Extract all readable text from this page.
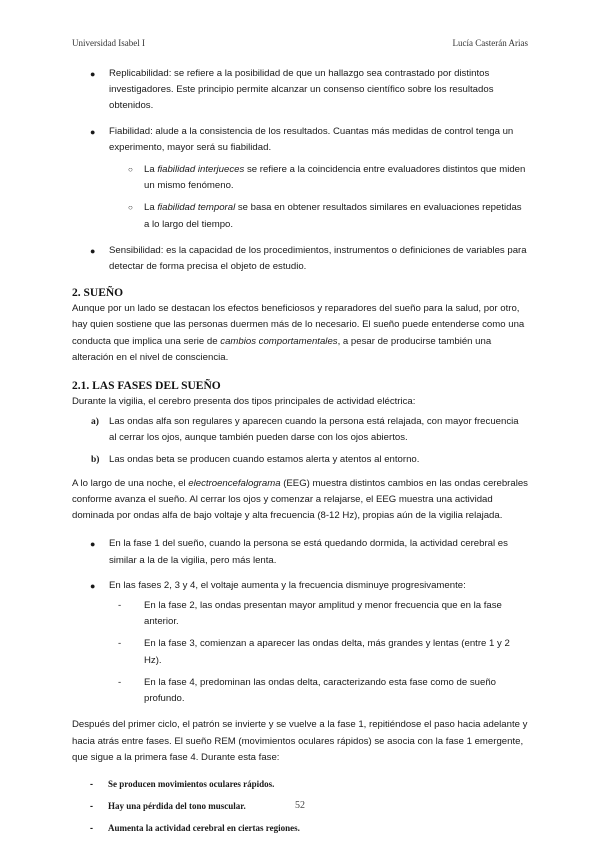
Universidad Isabel I	Lucía Casterán Arias
● Replicabilidad: se refiere a la posibilidad de que un hallazgo sea contrastado por distintos investigadores. Este principio permite alcanzar un consenso científico sobre los resultados obtenidos.
● Fiabilidad: alude a la consistencia de los resultados. Cuantas más medidas de control tenga un experimento, mayor será su fiabilidad.
○ La fiabilidad interjueces se refiere a la coincidencia entre evaluadores distintos que miden un mismo fenómeno.
○ La fiabilidad temporal se basa en obtener resultados similares en evaluaciones repetidas a lo largo del tiempo.
● Sensibilidad: es la capacidad de los procedimientos, instrumentos o definiciones de variables para detectar de forma precisa el objeto de estudio.
2. SUEÑO

Aunque por un lado se destacan los efectos beneficiosos y reparadores del sueño para la salud, por otro, hay quien sostiene que las personas duermen más de lo necesario. El sueño puede entenderse como una conducta que implica una serie de cambios comportamentales, a pesar de producirse también una alteración en el nivel de consciencia.

2.1. LAS FASES DEL SUEÑO

Durante la vigilia, el cerebro presenta dos tipos principales de actividad eléctrica:

a) Las ondas alfa son regulares y aparecen cuando la persona está relajada, con mayor frecuencia al cerrar los ojos, aunque también pueden darse con los ojos abiertos.
b) Las ondas beta se producen cuando estamos alerta y atentos al entorno.

A lo largo de una noche, el electroencefalograma (EEG) muestra distintos cambios en las ondas cerebrales conforme avanza el sueño. Al cerrar los ojos y comenzar a relajarse, el EEG muestra una actividad dominada por ondas alfa de bajo voltaje y alta frecuencia (8-12 Hz), propias aún de la vigilia relajada.

● En la fase 1 del sueño, cuando la persona se está quedando dormida, la actividad cerebral es similar a la de la vigilia, pero más lenta.
● En las fases 2, 3 y 4, el voltaje aumenta y la frecuencia disminuye progresivamente:
- En la fase 2, las ondas presentan mayor amplitud y menor frecuencia que en la fase anterior.
- En la fase 3, comienzan a aparecer las ondas delta, más grandes y lentas (entre 1 y 2 Hz).
- En la fase 4, predominan las ondas delta, caracterizando esta fase como de sueño profundo.

Después del primer ciclo, el patrón se invierte y se vuelve a la fase 1, repitiéndose el paso hacia adelante y hacia atrás entre fases. El sueño REM (movimientos oculares rápidos) se asocia con la fase 1 emergente, que sigue a la primera fase 4. Durante esta fase:

- Se producen movimientos oculares rápidos.
- Hay una pérdida del tono muscular.
- Aumenta la actividad cerebral en ciertas regiones.
52
